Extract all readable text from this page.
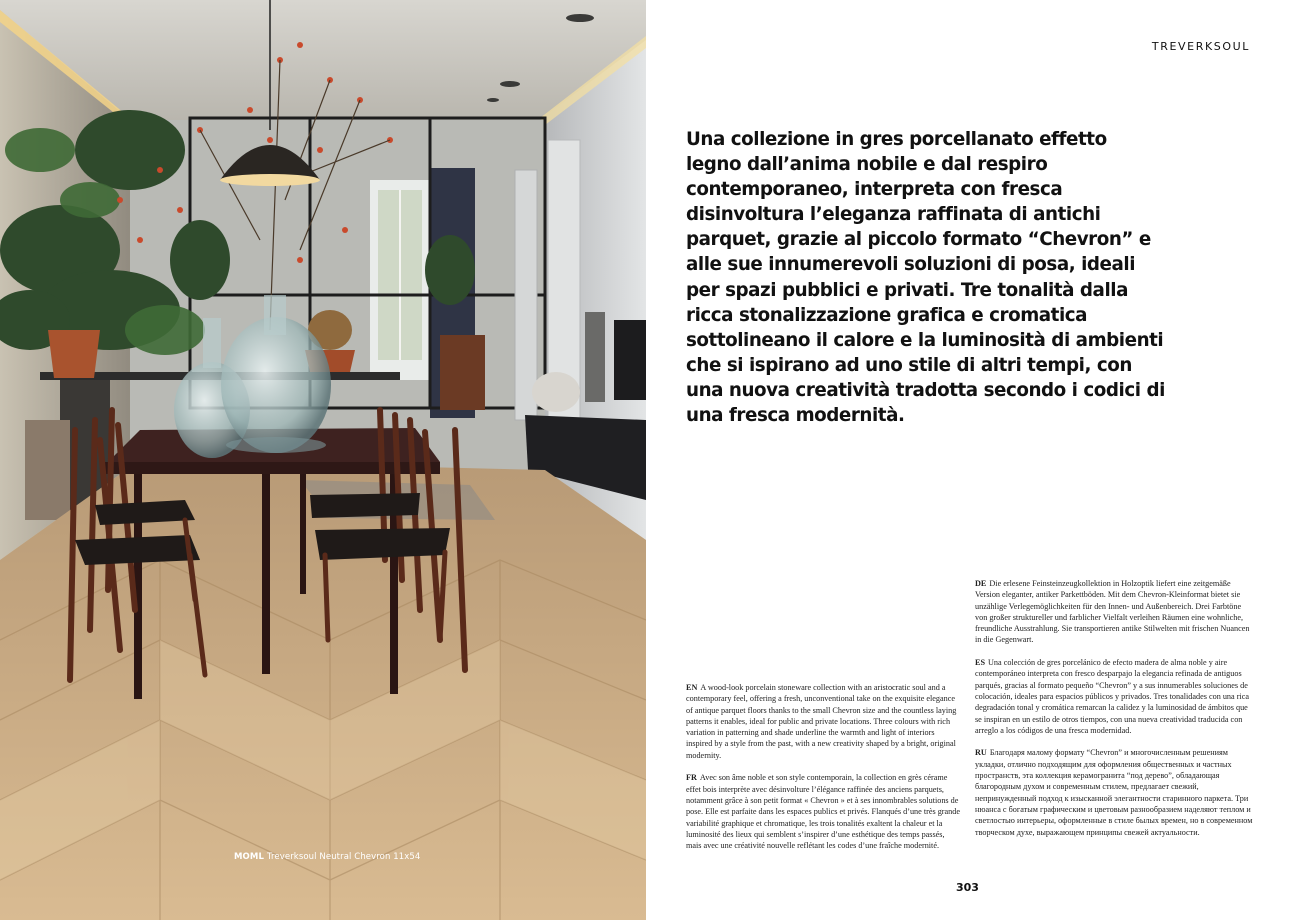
MOML Treverksoul Neutral Chevron 11x54
TREVERKSOUL
Una collezione in gres porcellanato effetto legno dall’anima nobile e dal respiro contemporaneo, interpreta con fresca disinvoltura l’eleganza raffinata di antichi parquet, grazie al piccolo formato “Chevron” e alle sue innumerevoli soluzioni di posa, ideali per spazi pubblici e privati. Tre tonalità dalla ricca stonalizzazione grafica e cromatica sottolineano il calore e la luminosità di ambienti che si ispirano ad uno stile di altri tempi, con una nuova creatività tradotta secondo i codici di una fresca modernità.

EN A wood-look porcelain stoneware collection with an aristocratic soul and a contemporary feel, offering a fresh, unconventional take on the exquisite elegance of antique parquet floors thanks to the small Chevron size and the countless laying patterns it enables, ideal for public and private locations. Three colours with rich variation in patterning and shade underline the warmth and light of interiors inspired by a style from the past, with a new creativity shaped by a bright, original modernity.

FR Avec son âme noble et son style contemporain, la collection en grès cérame effet bois interprète avec désinvolture l’élégance raffinée des anciens parquets, notamment grâce à son petit format « Chevron » et à ses innombrables solutions de pose. Elle est parfaite dans les espaces publics et privés. Flanqués d’une très grande variabilité graphique et chromatique, les trois tonalités exaltent la chaleur et la luminosité des lieux qui semblent s’inspirer d’une esthétique des temps passés, mais avec une créativité nouvelle reflétant les codes d’une fraîche modernité.

DE Die erlesene Feinsteinzeugkollektion in Holzoptik liefert eine zeitgemäße Version eleganter, antiker Parkettböden. Mit dem Chevron-Kleinformat bietet sie unzählige Verlegemöglichkeiten für den Innen- und Außenbereich. Drei Farbtöne von großer struktureller und farblicher Vielfalt verleihen Räumen eine wohnliche, freundliche Ausstrahlung. Sie transportieren antike Stilwelten mit frischen Nuancen in die Gegenwart.

ES Una colección de gres porcelánico de efecto madera de alma noble y aire contemporáneo interpreta con fresco desparpajo la elegancia refinada de antiguos parqués, gracias al formato pequeño “Chevron” y a sus innumerables soluciones de colocación, ideales para espacios públicos y privados. Tres tonalidades con una rica degradación tonal y cromática remarcan la calidez y la luminosidad de ámbitos que se inspiran en un estilo de otros tiempos, con una nueva creatividad traducida con arreglo a los códigos de una fresca modernidad.

RU Благодаря малому формату “Chevron” и многочисленным решениям укладки, отлично подходящим для оформления общественных и частных пространств, эта коллекция керамогранита “под дерево”, обладающая благородным духом и современным стилем, предлагает свежий, непринужденный подход к изысканной элегантности старинного паркета. Три нюанса с богатым графическим и цветовым разнообразием наделяют теплом и светлостью интерьеры, оформленные в стиле былых времен, но в современном творческом духе, выражающем принципы свежей актуальности.

303
